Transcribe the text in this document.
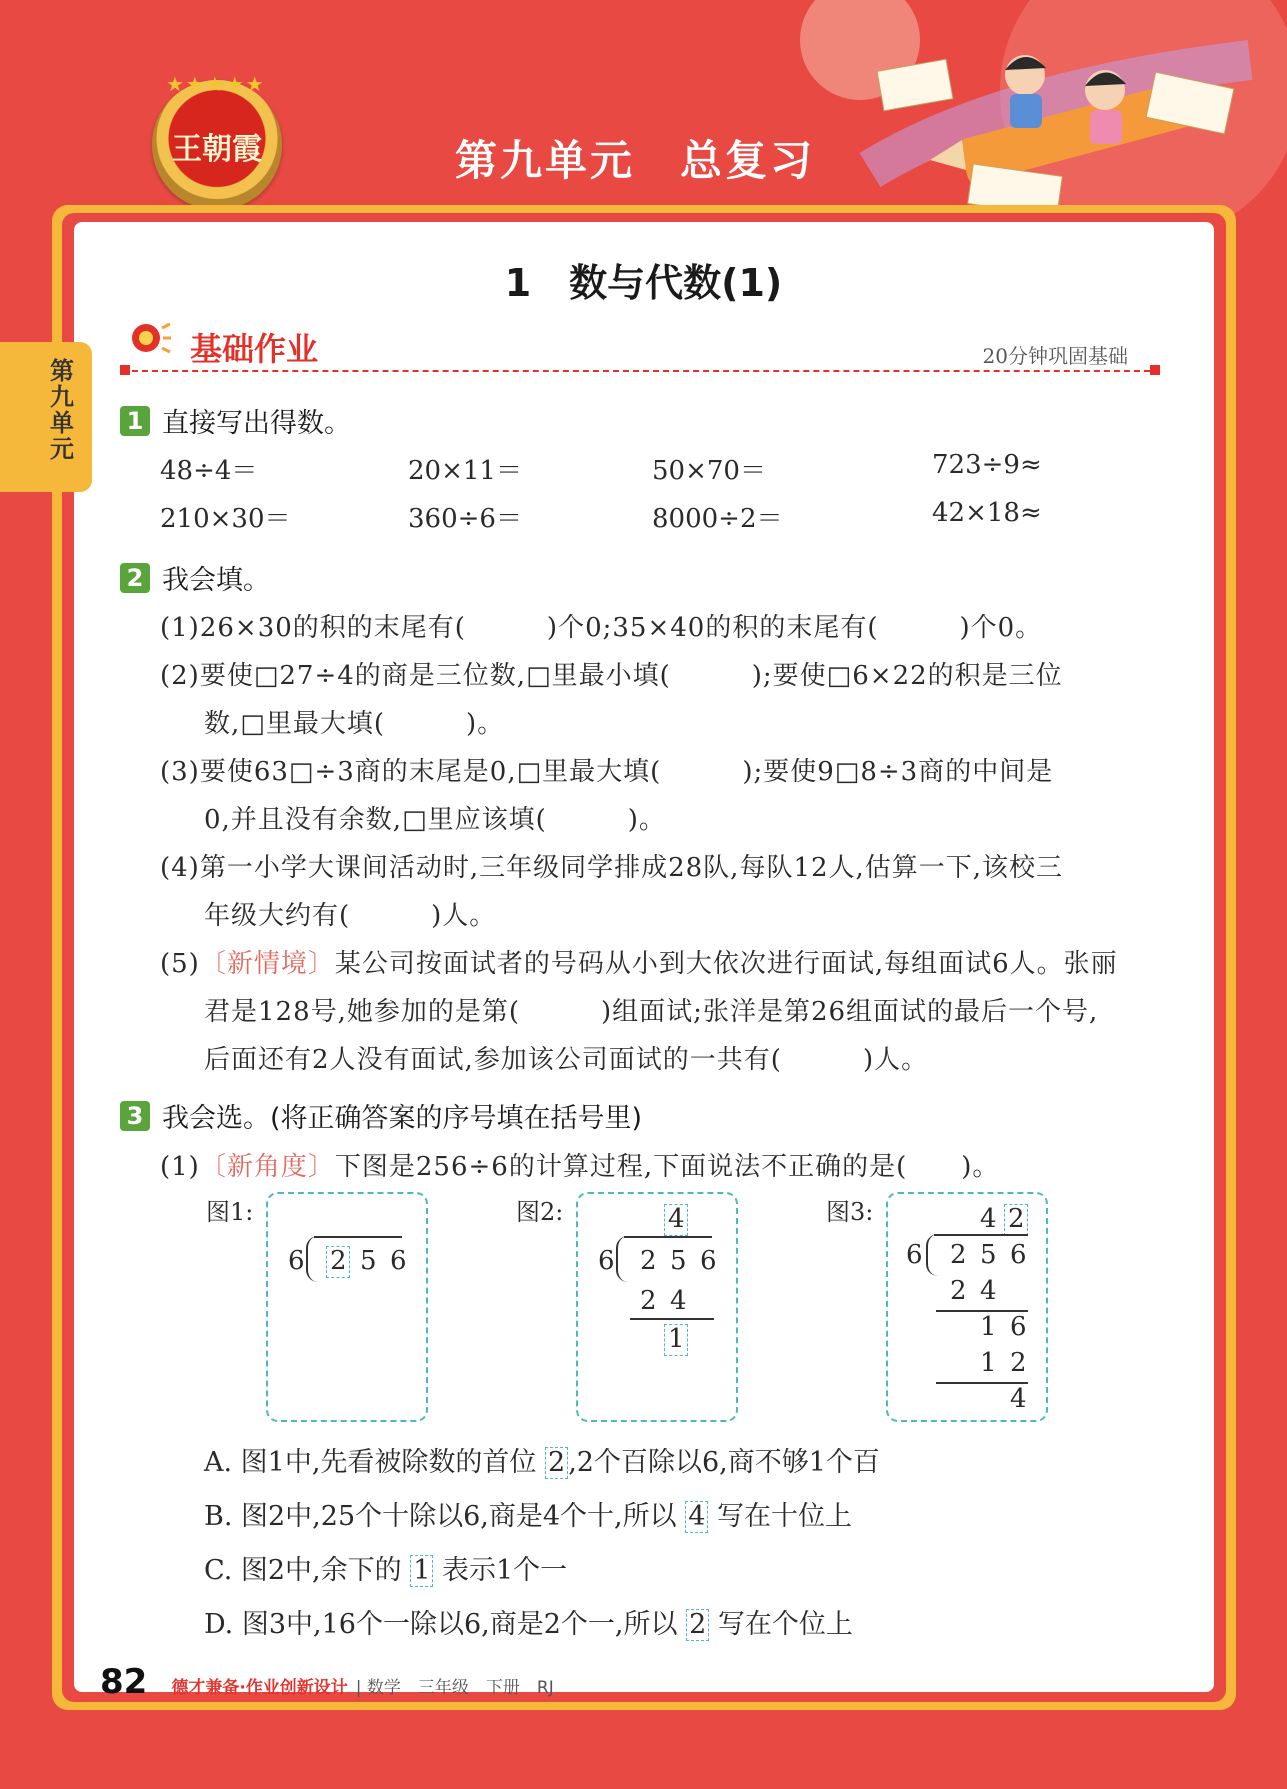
★★★★★
王朝霞	第九单元　总复习
第九单元
1　数与代数(1)
基础作业	20分钟巩固基础
1 直接写出得数。
48÷4＝	20×11＝	50×70＝	723÷9≈
210×30＝	360÷6＝	8000÷2＝	42×18≈
2 我会填。
(1)26×30的积的末尾有(　　　)个0;35×40的积的末尾有(　　　)个0。
(2)要使□27÷4的商是三位数,□里最小填(　　　);要使□6×22的积是三位
数,□里最大填(　　　)。
(3)要使63□÷3商的末尾是0,□里最大填(　　　);要使9□8÷3商的中间是
0,并且没有余数,□里应该填(　　　)。
(4)第一小学大课间活动时,三年级同学排成28队,每队12人,估算一下,该校三
年级大约有(　　　)人。
(5)〔新情境〕某公司按面试者的号码从小到大依次进行面试,每组面试6人。张丽
君是128号,她参加的是第(　　　)组面试;张洋是第26组面试的最后一个号,
后面还有2人没有面试,参加该公司面试的一共有(　　　)人。
3 我会选。(将正确答案的序号填在括号里)
(1)〔新角度〕下图是256÷6的计算过程,下面说法不正确的是(　　)。
图1:
6 2 5 6
图2:	4
6 2 5 6
2 4
1
图3:	4 2
6 2 5 6
2 4
1 6
1 2
4
A. 图1中,先看被除数的首位 2 ,2个百除以6,商不够1个百
B. 图2中,25个十除以6,商是4个十,所以 4 写在十位上
C. 图2中,余下的 1 表示1个一
D. 图3中,16个一除以6,商是2个一,所以 2 写在个位上
82 德才兼备·作业创新设计 | 数学　三年级　下册　RJ
